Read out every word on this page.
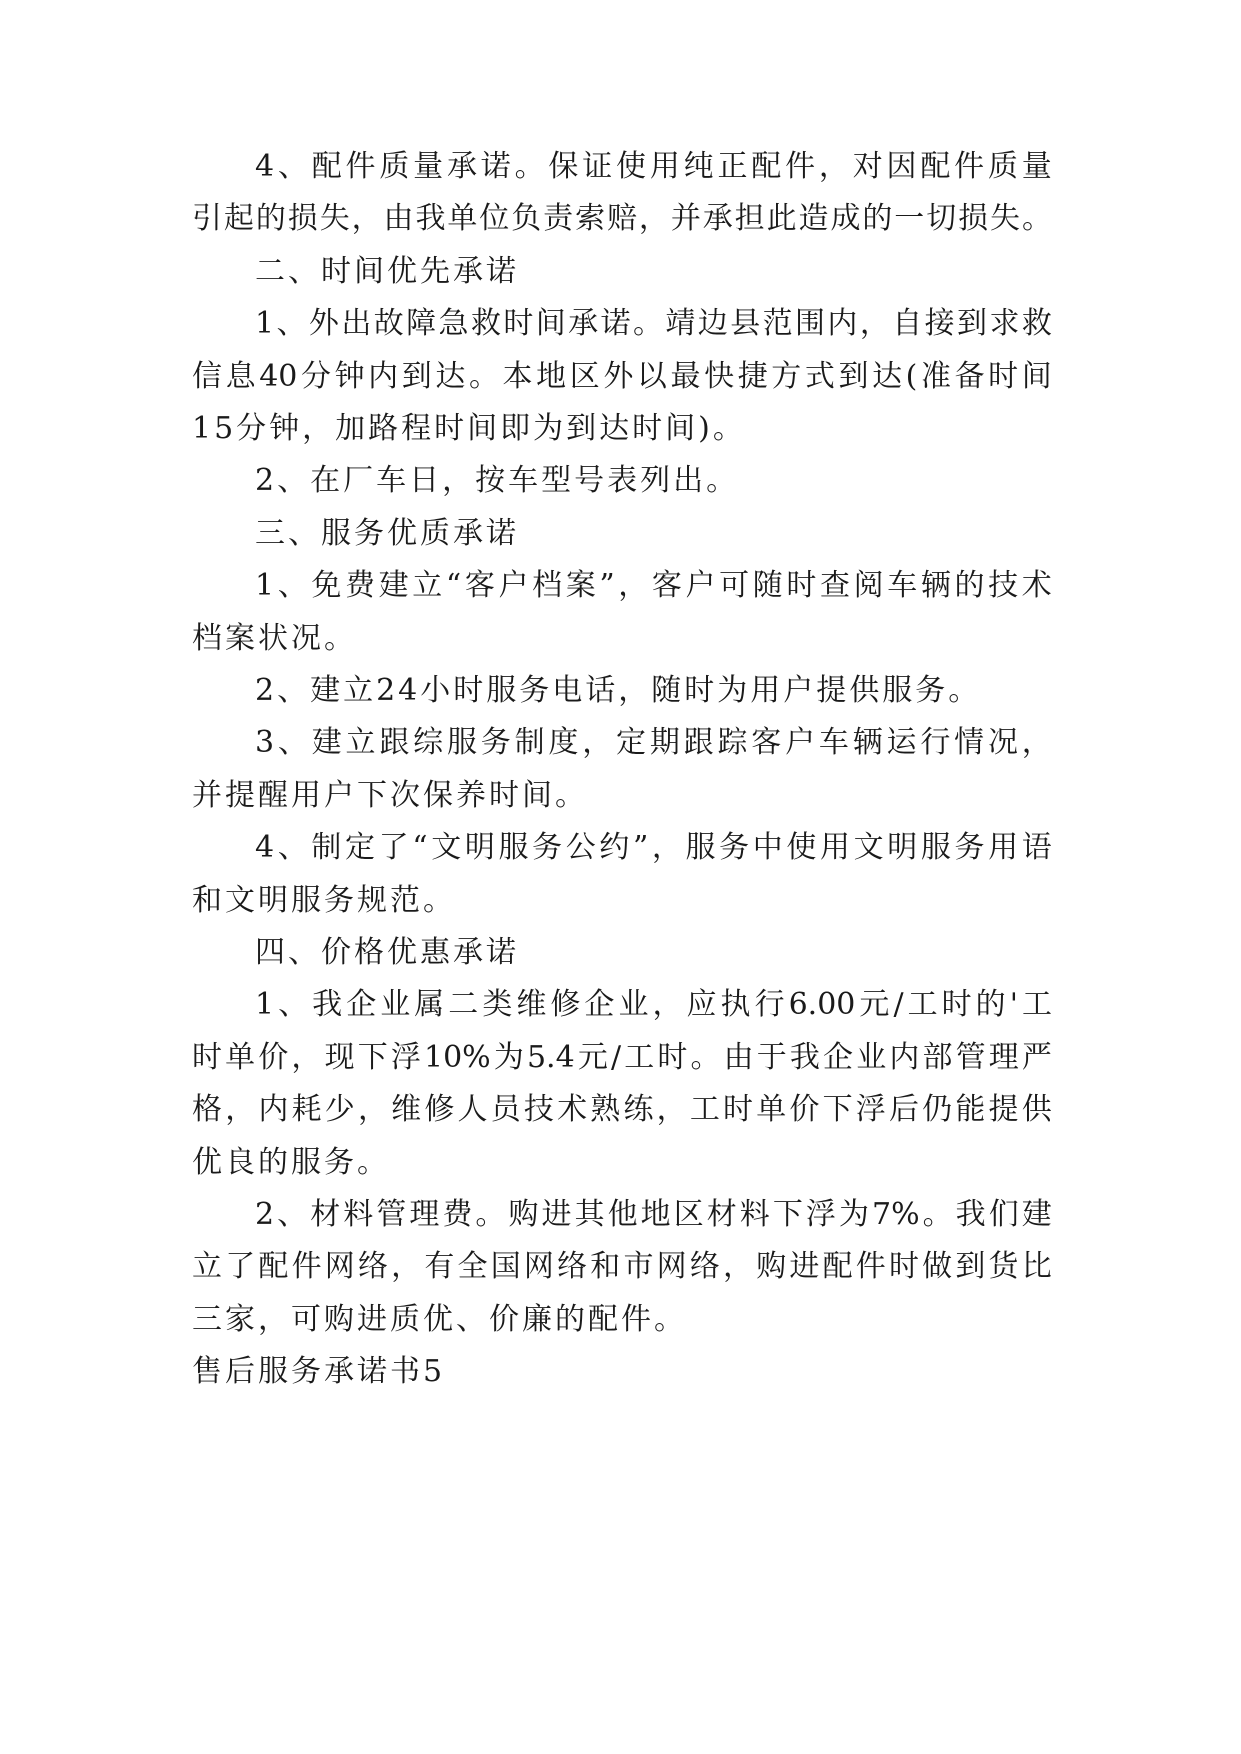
4 、 配 件 质 量 承 诺 。 保 证 使 用 纯 正 配 件 ， 对 因 配 件 质 量
引 起 的 损 失 ， 由 我 单 位 负 责 索 赔 ， 并 承 担 此 造 成 的 一 切 损 失 。
二、时间优先承诺
1 、 外 出 故 障 急 救 时 间 承 诺 。 靖 边 县 范 围 内 ， 自 接 到 求 救
信 息 40 分 钟 内 到 达 。 本 地 区 外 以 最 快 捷 方 式 到 达 ( 准 备 时 间
15分钟，加路程时间即为到达时间)。
2、在厂车日，按车型号表列出。
三、服务优质承诺
1 、 免 费 建 立 “ 客 户 档 案 ” ， 客 户 可 随 时 查 阅 车 辆 的 技 术
档案状况。
2、建立24小时服务电话，随时为用户提供服务。
3 、 建 立 跟 综 服 务 制 度 ， 定 期 跟 踪 客 户 车 辆 运 行 情 况 ，
并提醒用户下次保养时间。
4 、 制 定 了 “ 文 明 服 务 公 约 ” ， 服 务 中 使 用 文 明 服 务 用 语
和文明服务规范。
四、价格优惠承诺
1 、 我 企 业 属 二 类 维 修 企 业 ， 应 执 行 6.00 元 / 工 时 的 ' 工
时 单 价 ， 现 下 浮 10% 为 5.4 元 / 工 时 。 由 于 我 企 业 内 部 管 理 严
格 ， 内 耗 少 ， 维 修 人 员 技 术 熟 练 ， 工 时 单 价 下 浮 后 仍 能 提 供
优良的服务。
2 、 材 料 管 理 费 。 购 进 其 他 地 区 材 料 下 浮 为 7% 。 我 们 建
立 了 配 件 网 络 ， 有 全 国 网 络 和 市 网 络 ， 购 进 配 件 时 做 到 货 比
三家，可购进质优、价廉的配件。
售后服务承诺书5
